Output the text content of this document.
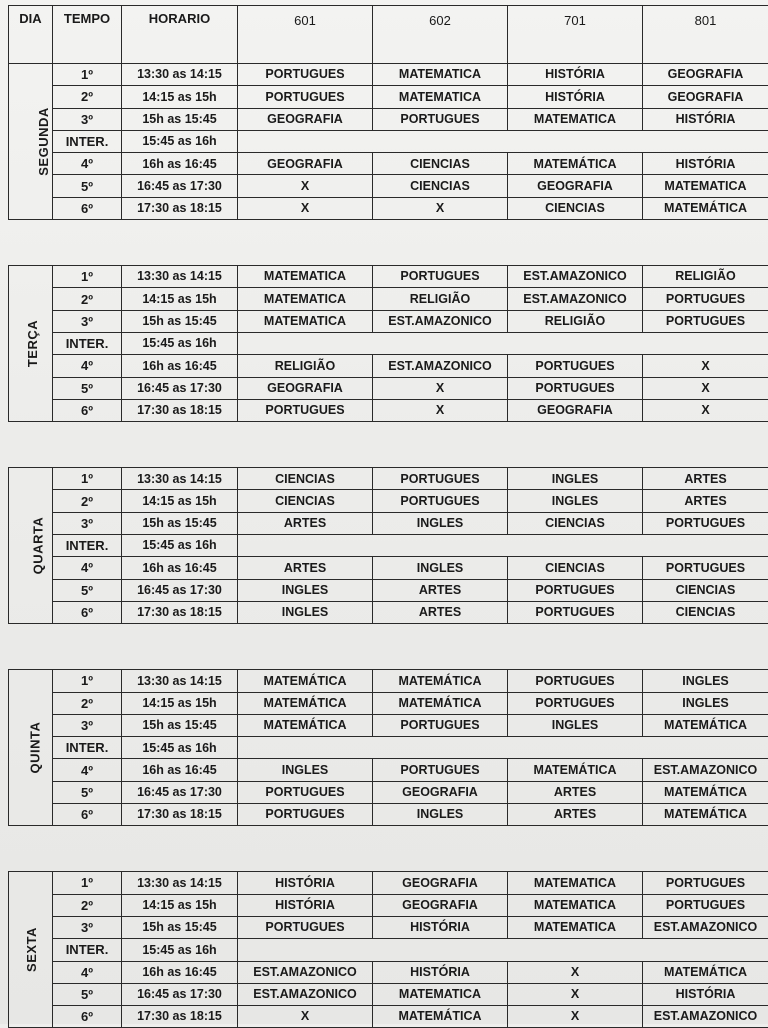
DIA	TEMPO	HORARIO	601	602	701	801
SEGUNDA	1º	13:30 as 14:15	PORTUGUES	MATEMATICA	HISTÓRIA	GEOGRAFIA
	2º	14:15 as 15h	PORTUGUES	MATEMATICA	HISTÓRIA	GEOGRAFIA
	3º	15h as 15:45	GEOGRAFIA	PORTUGUES	MATEMATICA	HISTÓRIA
	INTER.	15:45 as 16h				
	4º	16h as 16:45	GEOGRAFIA	CIENCIAS	MATEMÁTICA	HISTÓRIA
	5º	16:45 as 17:30	X	CIENCIAS	GEOGRAFIA	MATEMATICA
	6º	17:30 as 18:15	X	X	CIENCIAS	MATEMÁTICA

TERÇA	1º	13:30 as 14:15	MATEMATICA	PORTUGUES	EST.AMAZONICO	RELIGIÃO
	2º	14:15 as 15h	MATEMATICA	RELIGIÃO	EST.AMAZONICO	PORTUGUES
	3º	15h as 15:45	MATEMATICA	EST.AMAZONICO	RELIGIÃO	PORTUGUES
	INTER.	15:45 as 16h				
	4º	16h as 16:45	RELIGIÃO	EST.AMAZONICO	PORTUGUES	X
	5º	16:45 as 17:30	GEOGRAFIA	X	PORTUGUES	X
	6º	17:30 as 18:15	PORTUGUES	X	GEOGRAFIA	X

QUARTA	1º	13:30 as 14:15	CIENCIAS	PORTUGUES	INGLES	ARTES
	2º	14:15 as 15h	CIENCIAS	PORTUGUES	INGLES	ARTES
	3º	15h as 15:45	ARTES	INGLES	CIENCIAS	PORTUGUES
	INTER.	15:45 as 16h				
	4º	16h as 16:45	ARTES	INGLES	CIENCIAS	PORTUGUES
	5º	16:45 as 17:30	INGLES	ARTES	PORTUGUES	CIENCIAS
	6º	17:30 as 18:15	INGLES	ARTES	PORTUGUES	CIENCIAS

QUINTA	1º	13:30 as 14:15	MATEMÁTICA	MATEMÁTICA	PORTUGUES	INGLES
	2º	14:15 as 15h	MATEMÁTICA	MATEMÁTICA	PORTUGUES	INGLES
	3º	15h as 15:45	MATEMÁTICA	PORTUGUES	INGLES	MATEMÁTICA
	INTER.	15:45 as 16h				
	4º	16h as 16:45	INGLES	PORTUGUES	MATEMÁTICA	EST.AMAZONICO
	5º	16:45 as 17:30	PORTUGUES	GEOGRAFIA	ARTES	MATEMÁTICA
	6º	17:30 as 18:15	PORTUGUES	INGLES	ARTES	MATEMÁTICA

SEXTA	1º	13:30 as 14:15	HISTÓRIA	GEOGRAFIA	MATEMATICA	PORTUGUES
	2º	14:15 as 15h	HISTÓRIA	GEOGRAFIA	MATEMATICA	PORTUGUES
	3º	15h as 15:45	PORTUGUES	HISTÓRIA	MATEMATICA	EST.AMAZONICO
	INTER.	15:45 as 16h				
	4º	16h as 16:45	EST.AMAZONICO	HISTÓRIA	X	MATEMÁTICA
	5º	16:45 as 17:30	EST.AMAZONICO	MATEMATICA	X	HISTÓRIA
	6º	17:30 as 18:15	X	MATEMÁTICA	X	EST.AMAZONICO
